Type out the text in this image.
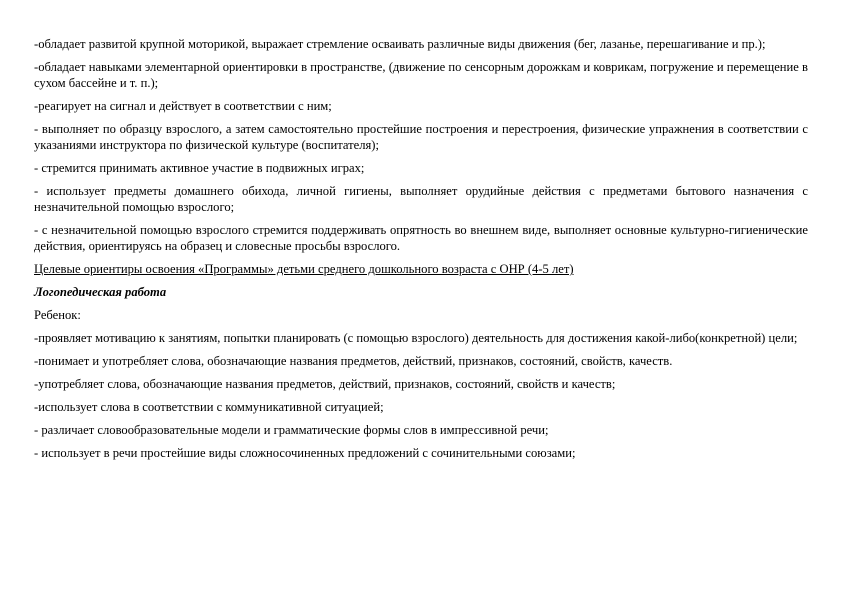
-обладает развитой крупной моторикой, выражает стремление осваивать различные виды движения (бег, лазанье, перешагивание и пр.);

-обладает навыками элементарной ориентировки в пространстве, (движение по сенсорным дорожкам и коврикам, погружение и перемещение в сухом бассейне и т. п.);

-реагирует на сигнал и действует в соответствии с ним;

- выполняет по образцу взрослого, а затем самостоятельно простейшие построения и перестроения, физические упражнения в соответствии с указаниями инструктора по физической культуре (воспитателя);

- стремится принимать активное участие в подвижных играх;

- использует предметы домашнего обихода, личной гигиены, выполняет орудийные действия с предметами бытового назначения с незначительной помощью взрослого;

- с незначительной помощью взрослого стремится поддерживать опрятность во внешнем виде, выполняет основные культурно-гигиенические действия, ориентируясь на образец и словесные просьбы взрослого.

Целевые ориентиры освоения «Программы» детьми среднего дошкольного возраста с ОНР (4-5 лет)

Логопедическая работа

Ребенок:

-проявляет мотивацию к занятиям, попытки планировать (с помощью взрослого) деятельность для достижения какой-либо(конкретной) цели;

-понимает и употребляет слова, обозначающие названия предметов, действий, признаков, состояний, свойств, качеств.

-употребляет слова, обозначающие названия предметов, действий, признаков, состояний, свойств и качеств;

-использует слова в соответствии с коммуникативной ситуацией;

- различает словообразовательные модели и грамматические формы слов в импрессивной речи;

- использует в речи простейшие виды сложносочиненных предложений с сочинительными союзами;
